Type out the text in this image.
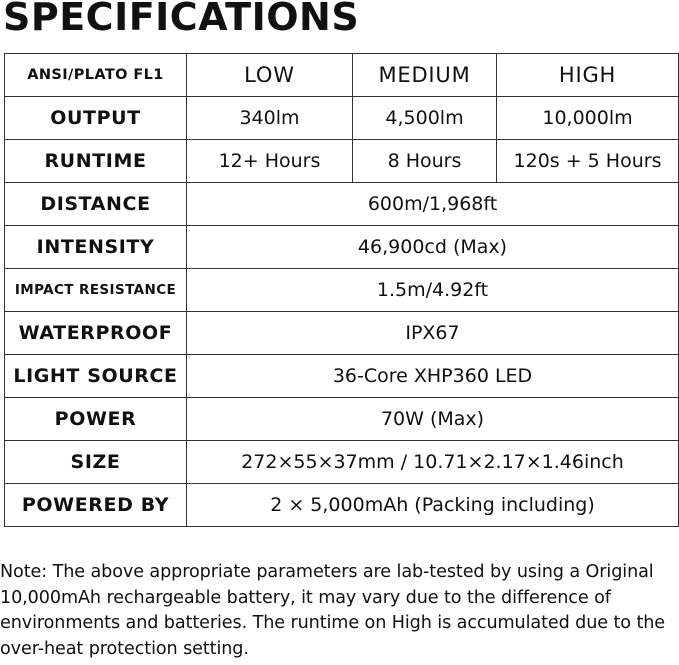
SPECIFICATIONS
ANSI/PLATO FL1	LOW	MEDIUM	HIGH
OUTPUT	340lm	4,500lm	10,000lm
RUNTIME	12+ Hours	8 Hours	120s + 5 Hours
DISTANCE	600m/1,968ft		
INTENSITY	46,900cd (Max)		
IMPACT RESISTANCE	1.5m/4.92ft		
WATERPROOF	IPX67		
LIGHT SOURCE	36-Core XHP360 LED		
POWER	70W (Max)		
SIZE	272×55×37mm / 10.71×2.17×1.46inch		
POWERED BY	2 × 5,000mAh (Packing including)		

Note: The above appropriate parameters are lab-tested by using a Original 10,000mAh rechargeable battery, it may vary due to the difference of environments and batteries. The runtime on High is accumulated due to the over-heat protection setting.
